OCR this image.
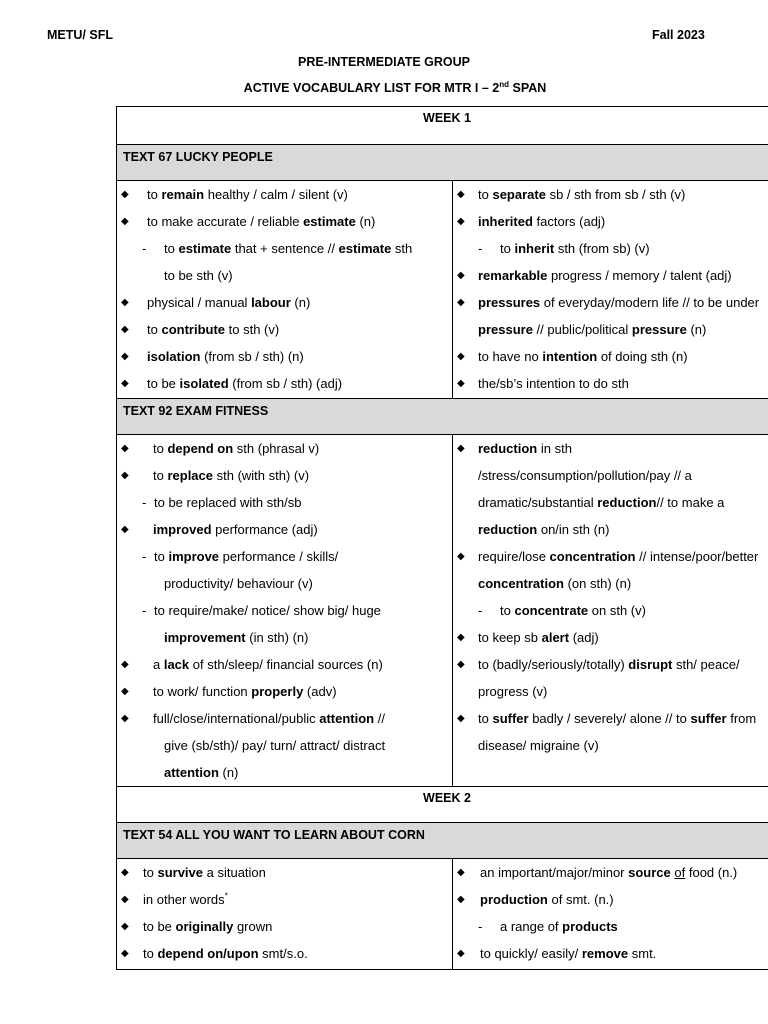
METU/ SFL	Fall 2023
PRE-INTERMEDIATE GROUP
ACTIVE VOCABULARY LIST FOR MTR I – 2nd SPAN
WEEK 1
TEXT 67 LUCKY PEOPLE
◆ to remain healthy / calm / silent (v)
◆ to make accurate / reliable estimate (n)
- to estimate that + sentence // estimate sth
to be sth (v)
◆ physical / manual labour (n)
◆ to contribute to sth (v)
◆ isolation (from sb / sth) (n)
◆ to be isolated (from sb / sth) (adj)
◆ to separate sb / sth from sb / sth (v)
◆ inherited factors (adj)
- to inherit sth (from sb) (v)
◆ remarkable progress / memory / talent (adj)
◆ pressures of everyday/modern life // to be under
pressure // public/political pressure (n)
◆ to have no intention of doing sth (n)
◆ the/sb’s intention to do sth
TEXT 92 EXAM FITNESS
◆ to depend on sth (phrasal v)
◆ to replace sth (with sth) (v)
- to be replaced with sth/sb
◆ improved performance (adj)
- to improve performance / skills/
productivity/ behaviour (v)
- to require/make/ notice/ show big/ huge
improvement (in sth) (n)
◆ a lack of sth/sleep/ financial sources (n)
◆ to work/ function properly (adv)
◆ full/close/international/public attention //
give (sb/sth)/ pay/ turn/ attract/ distract
attention (n)
◆ reduction in sth
/stress/consumption/pollution/pay // a
dramatic/substantial reduction// to make a
reduction on/in sth (n)
◆ require/lose concentration // intense/poor/better
concentration (on sth) (n)
- to concentrate on sth (v)
◆ to keep sb alert (adj)
◆ to (badly/seriously/totally) disrupt sth/ peace/
progress (v)
◆ to suffer badly / severely/ alone // to suffer from
disease/ migraine (v)
WEEK 2
TEXT 54 ALL YOU WANT TO LEARN ABOUT CORN
◆ to survive a situation
◆ in other words*
◆ to be originally grown
◆ to depend on/upon smt/s.o.
◆ an important/major/minor source of food (n.)
◆ production of smt. (n.)
- a range of products
◆ to quickly/ easily/ remove smt.
